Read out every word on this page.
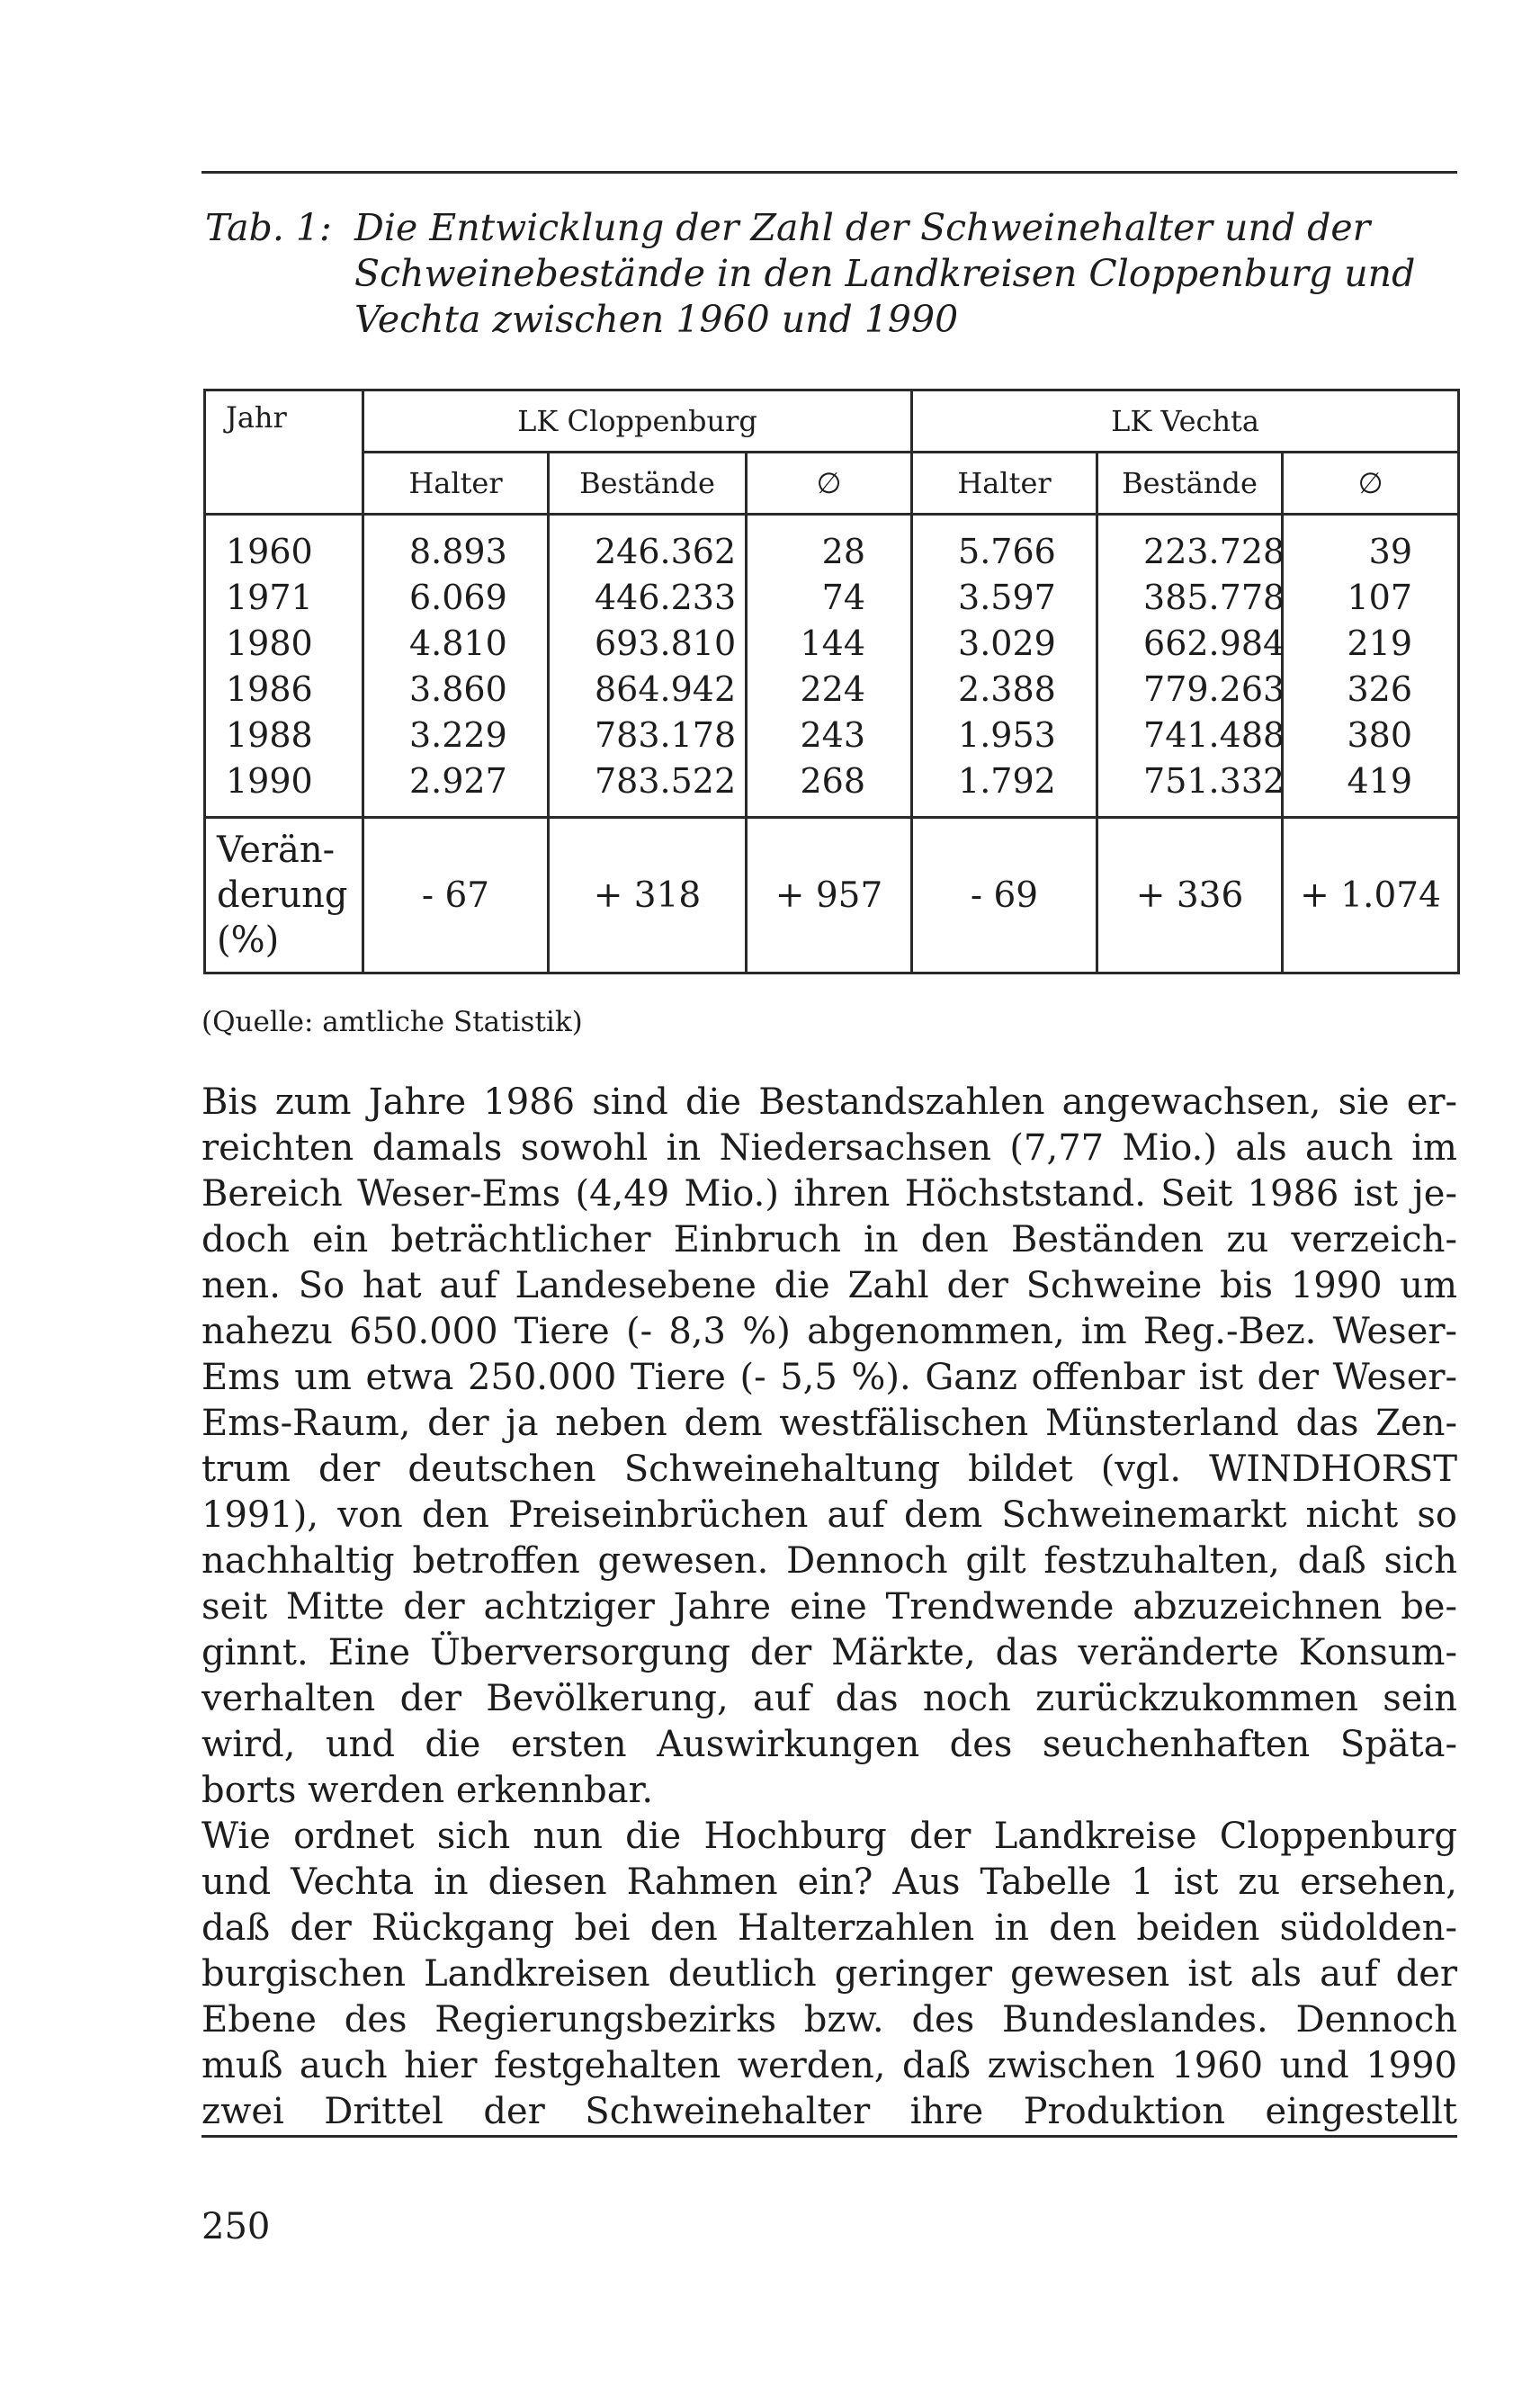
Tab. 1: Die Entwicklung der Zahl der Schweinehalter und der
Schweinebestände in den Landkreisen Cloppenburg und
Vechta zwischen 1960 und 1990
Jahr	LK Cloppenburg			LK Vechta		
	Halter	Bestände	∅	Halter	Bestände	∅

1960	8.893	246.362	28	5.766	223.728	39
1971	6.069	446.233	74	3.597	385.778	107
1980	4.810	693.810	144	3.029	662.984	219
1986	3.860	864.942	224	2.388	779.263	326
1988	3.229	783.178	243	1.953	741.488	380
1990	2.927	783.522	268	1.792	751.332	419

Verän-
derung
(%)	- 67	+ 318	+ 957	- 69	+ 336	+ 1.074
(Quelle: amtliche Statistik)
Bis zum Jahre 1986 sind die Bestandszahlen angewachsen, sie er-
reichten damals sowohl in Niedersachsen (7,77 Mio.) als auch im
Bereich Weser-Ems (4,49 Mio.) ihren Höchststand. Seit 1986 ist je-
doch ein beträchtlicher Einbruch in den Beständen zu verzeich-
nen. So hat auf Landesebene die Zahl der Schweine bis 1990 um
nahezu 650.000 Tiere (- 8,3 %) abgenommen, im Reg.-Bez. Weser-
Ems um etwa 250.000 Tiere (- 5,5 %). Ganz offenbar ist der Weser-
Ems-Raum, der ja neben dem westfälischen Münsterland das Zen-
trum der deutschen Schweinehaltung bildet (vgl. WINDHORST
1991), von den Preiseinbrüchen auf dem Schweinemarkt nicht so
nachhaltig betroffen gewesen. Dennoch gilt festzuhalten, daß sich
seit Mitte der achtziger Jahre eine Trendwende abzuzeichnen be-
ginnt. Eine Überversorgung der Märkte, das veränderte Konsum-
verhalten der Bevölkerung, auf das noch zurückzukommen sein
wird, und die ersten Auswirkungen des seuchenhaften Späta-
borts werden erkennbar.
Wie ordnet sich nun die Hochburg der Landkreise Cloppenburg
und Vechta in diesen Rahmen ein? Aus Tabelle 1 ist zu ersehen,
daß der Rückgang bei den Halterzahlen in den beiden südolden-
burgischen Landkreisen deutlich geringer gewesen ist als auf der
Ebene des Regierungsbezirks bzw. des Bundeslandes. Dennoch
muß auch hier festgehalten werden, daß zwischen 1960 und 1990
zwei Drittel der Schweinehalter ihre Produktion eingestellt
250
